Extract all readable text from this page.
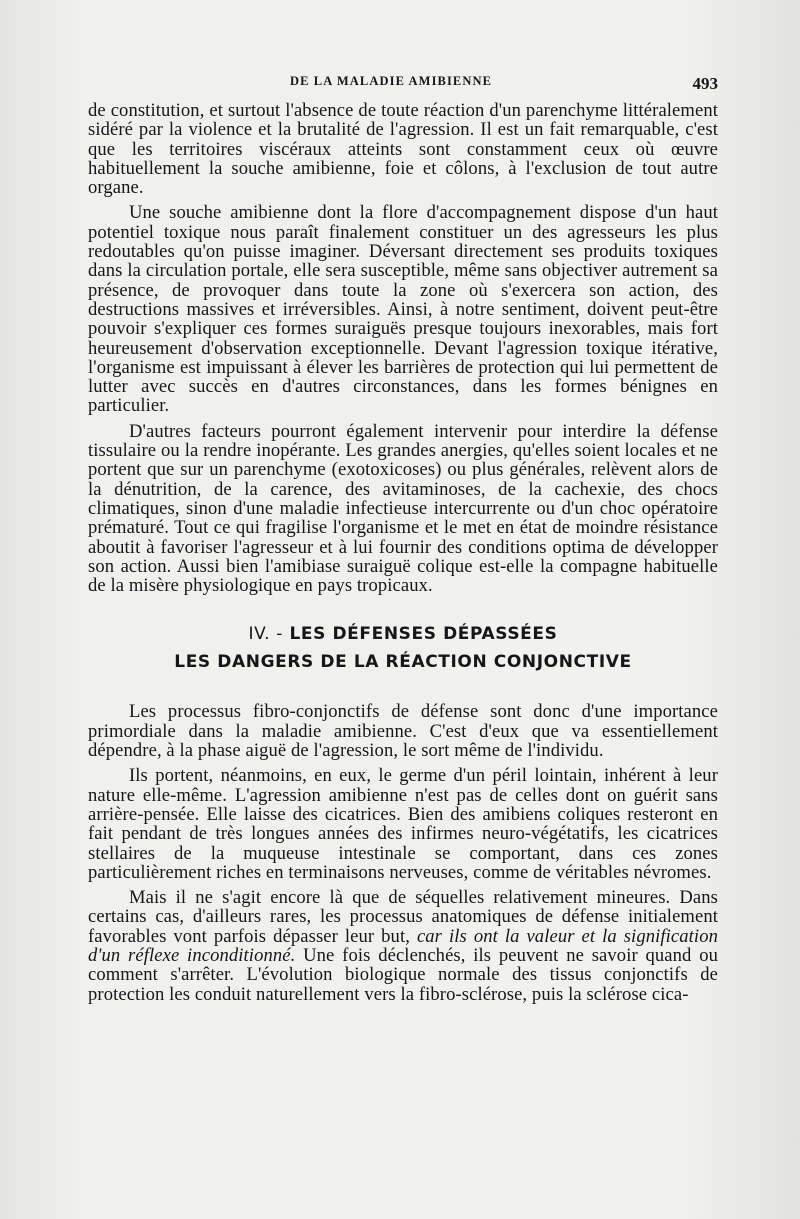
DE LA MALADIE AMIBIENNE	493

de constitution, et surtout l'absence de toute réaction d'un parenchyme littéralement sidéré par la violence et la brutalité de l'agression. Il est un fait remarquable, c'est que les territoires viscéraux atteints sont constamment ceux où œuvre habituellement la souche amibienne, foie et côlons, à l'exclusion de tout autre organe.

Une souche amibienne dont la flore d'accompagnement dispose d'un haut potentiel toxique nous paraît finalement constituer un des agresseurs les plus redoutables qu'on puisse imaginer. Déversant directement ses produits toxiques dans la circulation portale, elle sera susceptible, même sans objectiver autrement sa présence, de provoquer dans toute la zone où s'exercera son action, des destructions massives et irréversibles. Ainsi, à notre sentiment, doivent peut-être pouvoir s'expliquer ces formes suraiguës presque toujours inexorables, mais fort heureusement d'observation exceptionnelle. Devant l'agression toxique itérative, l'organisme est impuissant à élever les barrières de protection qui lui permettent de lutter avec succès en d'autres circonstances, dans les formes bénignes en particulier.

D'autres facteurs pourront également intervenir pour interdire la défense tissulaire ou la rendre inopérante. Les grandes anergies, qu'elles soient locales et ne portent que sur un parenchyme (exotoxicoses) ou plus générales, relèvent alors de la dénutrition, de la carence, des avitaminoses, de la cachexie, des chocs climatiques, sinon d'une maladie infectieuse intercurrente ou d'un choc opératoire prématuré. Tout ce qui fragilise l'organisme et le met en état de moindre résistance aboutit à favoriser l'agresseur et à lui fournir des conditions optima de développer son action. Aussi bien l'amibiase suraiguë colique est-elle la compagne habituelle de la misère physiologique en pays tropicaux.

IV. - LES DÉFENSES DÉPASSÉES
LES DANGERS DE LA RÉACTION CONJONCTIVE

Les processus fibro-conjonctifs de défense sont donc d'une importance primordiale dans la maladie amibienne. C'est d'eux que va essentiellement dépendre, à la phase aiguë de l'agression, le sort même de l'individu.

Ils portent, néanmoins, en eux, le germe d'un péril lointain, inhérent à leur nature elle-même. L'agression amibienne n'est pas de celles dont on guérit sans arrière-pensée. Elle laisse des cicatrices. Bien des amibiens coliques resteront en fait pendant de très longues années des infirmes neuro-végétatifs, les cicatrices stellaires de la muqueuse intestinale se comportant, dans ces zones particulièrement riches en terminaisons nerveuses, comme de véritables névromes.

Mais il ne s'agit encore là que de séquelles relativement mineures. Dans certains cas, d'ailleurs rares, les processus anatomiques de défense initialement favorables vont parfois dépasser leur but, car ils ont la valeur et la signification d'un réflexe inconditionné. Une fois déclenchés, ils peuvent ne savoir quand ou comment s'arrêter. L'évolution biologique normale des tissus conjonctifs de protection les conduit naturellement vers la fibro-sclérose, puis la sclérose cica-
